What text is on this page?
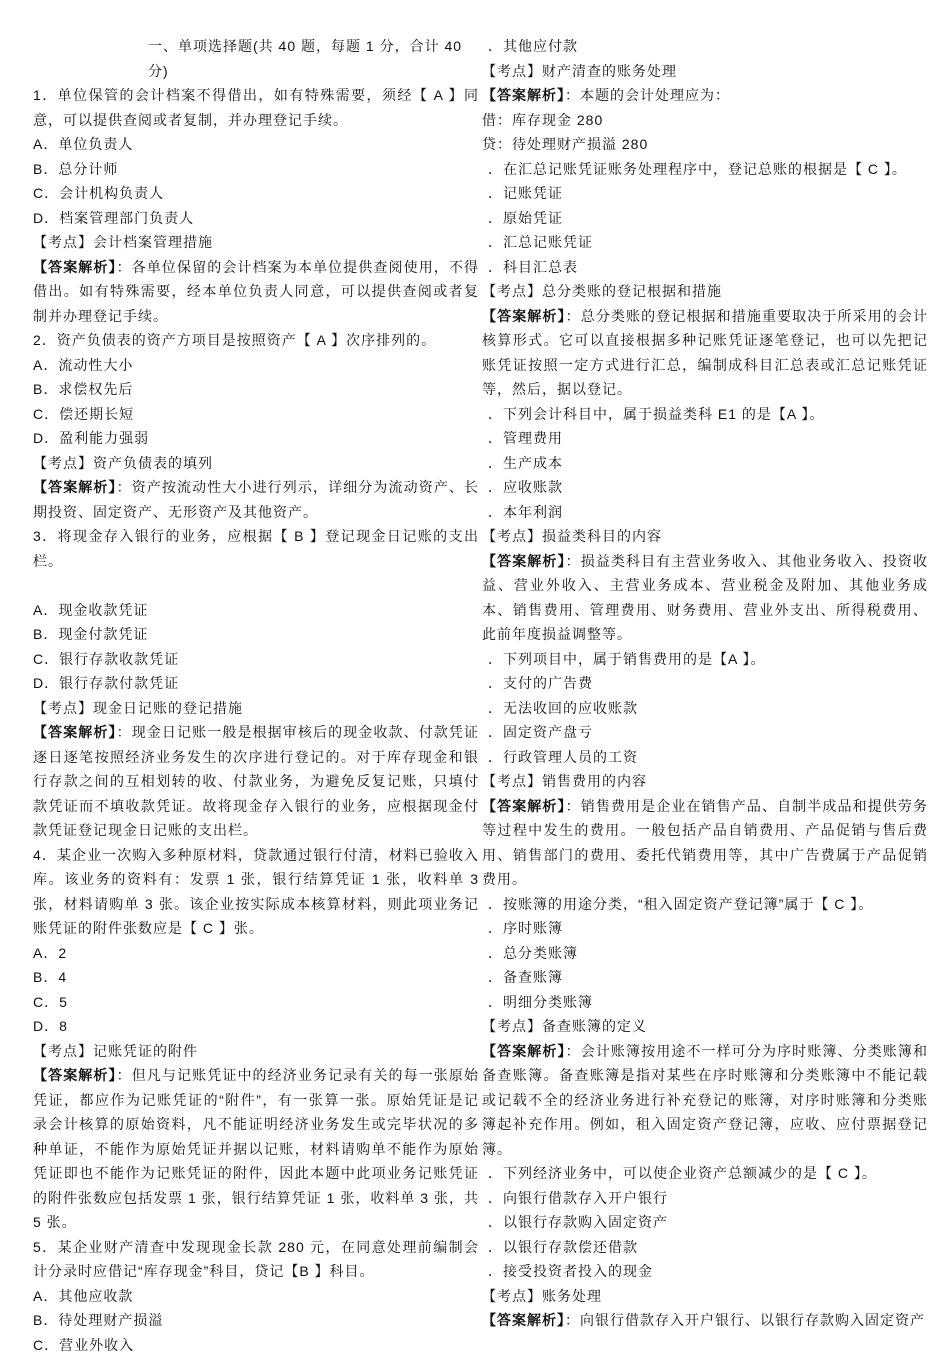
一、单项选择题(共 40 题，每题 1 分，合计 40 分)

1．单位保管的会计档案不得借出，如有特殊需要，须经【 A 】同意，可以提供查阅或者复制，并办理登记手续。

A．单位负责人

B．总分计师

C．会计机构负责人

D．档案管理部门负责人

【考点】会计档案管理措施

【答案解析】：各单位保留的会计档案为本单位提供查阅使用，不得借出。如有特殊需要，经本单位负责人同意，可以提供查阅或者复制并办理登记手续。

2．资产负债表的资产方项目是按照资产【 A 】次序排列的。

A．流动性大小

B．求偿权先后

C．偿还期长短

D．盈利能力强弱

【考点】资产负债表的填列

【答案解析】：资产按流动性大小进行列示，详细分为流动资产、长期投资、固定资产、无形资产及其他资产。

3．将现金存入银行的业务，应根据【 B 】登记现金日记账的支出栏。

A．现金收款凭证

B．现金付款凭证

C．银行存款收款凭证

D．银行存款付款凭证

【考点】现金日记账的登记措施

【答案解析】：现金日记账一般是根据审核后的现金收款、付款凭证逐日逐笔按照经济业务发生的次序进行登记的。对于库存现金和银行存款之间的互相划转的收、付款业务，为避免反复记账，只填付款凭证而不填收款凭证。故将现金存入银行的业务，应根据现金付款凭证登记现金日记账的支出栏。

4．某企业一次购入多种原材料，贷款通过银行付清，材料已验收入库。该业务的资料有：发票 1 张，银行结算凭证 1 张，收料单 3 张，材料请购单 3 张。该企业按实际成本核算材料，则此项业务记账凭证的附件张数应是【 C 】张。

A．2

B．4

C．5

D．8

【考点】记账凭证的附件

【答案解析】：但凡与记账凭证中的经济业务记录有关的每一张原始凭证，都应作为记账凭证的“附件”，有一张算一张。原始凭证是记录会计核算的原始资料，凡不能证明经济业务发生或完毕状况的多种单证，不能作为原始凭证并据以记账，材料请购单不能作为原始凭证即也不能作为记账凭证的附件，因此本题中此项业务记账凭证的附件张数应包括发票 1 张，银行结算凭证 1 张，收料单 3 张，共 5 张。

5．某企业财产清查中发现现金长款 280 元，在同意处理前编制会计分录时应借记“库存现金”科目，贷记【B 】科目。

A．其他应收款

B．待处理财产损溢

C．营业外收入

．其他应付款

【考点】财产清查的账务处理

【答案解析】：本题的会计处理应为：

借：库存现金 280

贷：待处理财产损溢 280

．在汇总记账凭证账务处理程序中，登记总账的根据是【 C 】。

．记账凭证

．原始凭证

．汇总记账凭证

．科目汇总表

【考点】总分类账的登记根据和措施

【答案解析】：总分类账的登记根据和措施重要取决于所采用的会计核算形式。它可以直接根据多种记账凭证逐笔登记，也可以先把记账凭证按照一定方式进行汇总，编制成科目汇总表或汇总记账凭证等，然后，据以登记。

．下列会计科目中，属于损益类科 E1 的是【A 】。

．管理费用

．生产成本

．应收账款

．本年利润

【考点】损益类科目的内容

【答案解析】：损益类科目有主营业务收入、其他业务收入、投资收益、营业外收入、主营业务成本、营业税金及附加、其他业务成本、销售费用、管理费用、财务费用、营业外支出、所得税费用、此前年度损益调整等。

．下列项目中，属于销售费用的是【A 】。

．支付的广告费

．无法收回的应收账款

．固定资产盘亏

．行政管理人员的工资

【考点】销售费用的内容

【答案解析】：销售费用是企业在销售产品、自制半成品和提供劳务等过程中发生的费用。一般包括产品自销费用、产品促销与售后费用、销售部门的费用、委托代销费用等，其中广告费属于产品促销费用。

．按账簿的用途分类，“租入固定资产登记簿”属于【 C 】。

．序时账簿

．总分类账簿

．备查账簿

．明细分类账簿

【考点】备查账簿的定义

【答案解析】：会计账簿按用途不一样可分为序时账簿、分类账簿和备查账簿。备查账簿是指对某些在序时账簿和分类账簿中不能记载或记载不全的经济业务进行补充登记的账簿，对序时账簿和分类账簿起补充作用。例如，租入固定资产登记簿，应收、应付票据登记簿。

．下列经济业务中，可以使企业资产总额减少的是【 C 】。

．向银行借款存入开户银行

．以银行存款购入固定资产

．以银行存款偿还借款

．接受投资者投入的现金

【考点】账务处理

【答案解析】：向银行借款存入开户银行、以银行存款购入固定资产
